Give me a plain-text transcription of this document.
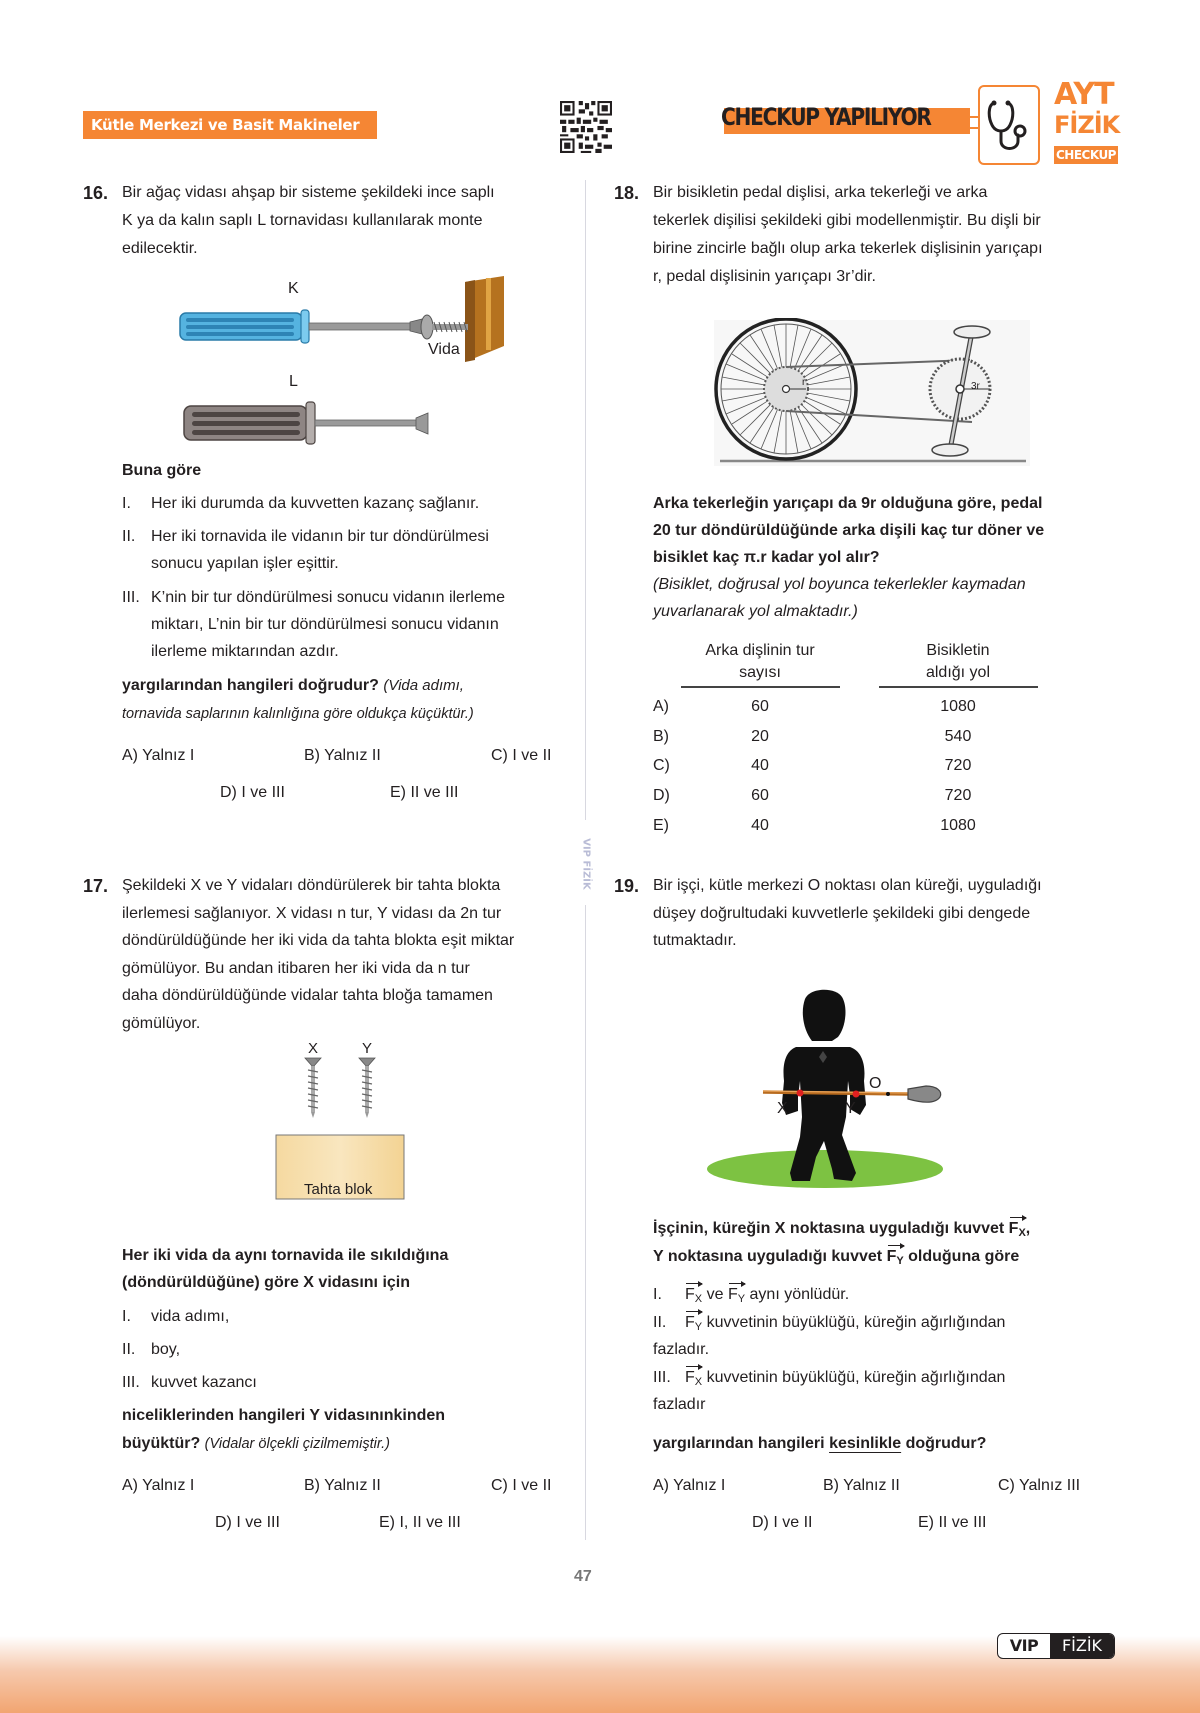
Kütle Merkezi ve Basit Makineler	CHECKUP YAPILIYOR
AYT
FİZİK
CHECKUP
VIP FİZİK
16. Bir ağaç vidası ahşap bir sisteme şekildeki ince saplı
K ya da kalın saplı L tornavidası kullanılarak monte
edilecektir.
K
Vida
L
Buna göre
I. Her iki durumda da kuvvetten kazanç sağlanır.
II. Her iki tornavida ile vidanın bir tur döndürülmesi
sonucu yapılan işler eşittir.
III. K’nin bir tur döndürülmesi sonucu vidanın ilerleme
miktarı, L’nin bir tur döndürülmesi sonucu vidanın
ilerleme miktarından azdır.
yargılarından hangileri doğrudur? (Vida adımı,
tornavida saplarının kalınlığına göre oldukça küçüktür.)
A) Yalnız I	B) Yalnız II	C) I ve II
D) I ve III	E) II ve III
17. Şekildeki X ve Y vidaları döndürülerek bir tahta blokta
ilerlemesi sağlanıyor. X vidası n tur, Y vidası da 2n tur
döndürüldüğünde her iki vida da tahta blokta eşit miktar
gömülüyor. Bu andan itibaren her iki vida da n tur
daha döndürüldüğünde vidalar tahta bloğa tamamen
gömülüyor.
X	Y
Tahta blok
Her iki vida da aynı tornavida ile sıkıldığına
(döndürüldüğüne) göre X vidasını için
I. vida adımı,
II. boy,
III. kuvvet kazancı
niceliklerinden hangileri Y vidasınınkinden
büyüktür? (Vidalar ölçekli çizilmemiştir.)
A) Yalnız I	B) Yalnız II	C) I ve II
D) I ve III	E) I, II ve III
18. Bir bisikletin pedal dişlisi, arka tekerleği ve arka
tekerlek dişilisi şekildeki gibi modellenmiştir. Bu dişli bir
birine zincirle bağlı olup arka tekerlek dişlisinin yarıçapı
r, pedal dişlisinin yarıçapı 3r’dir.
r	3r
Arka tekerleğin yarıçapı da 9r olduğuna göre, pedal
20 tur döndürüldüğünde arka dişili kaç tur döner ve
bisiklet kaç π.r kadar yol alır?
(Bisiklet, doğrusal yol boyunca tekerlekler kaymadan
yuvarlanarak yol almaktadır.)
Arka dişlinin tur
sayısı
Bisikletin
aldığı yol
A)	60	1080
B)	20	540
C)	40	720
D)	60	720
E)	40	1080
19. Bir işçi, kütle merkezi O noktası olan küreği, uyguladığı
düşey doğrultudaki kuvvetlerle şekildeki gibi dengede
tutmaktadır.
X	Y
O
İşçinin, küreğin X noktasına uyguladığı kuvvet $F_X$,
Y noktasına uyguladığı kuvvet $F_Y$ olduğuna göre
I. $F_X$ ve $F_Y$ aynı yönlüdür.
II. $F_Y$ kuvvetinin büyüklüğü, küreğin ağırlığından
fazladır.
III. $F_X$ kuvvetinin büyüklüğü, küreğin ağırlığından
fazladır
yargılarından hangileri kesinlikle doğrudur?
A) Yalnız I	B) Yalnız II	C) Yalnız III
D) I ve II	E) II ve III
47
VIP	FİZİK
